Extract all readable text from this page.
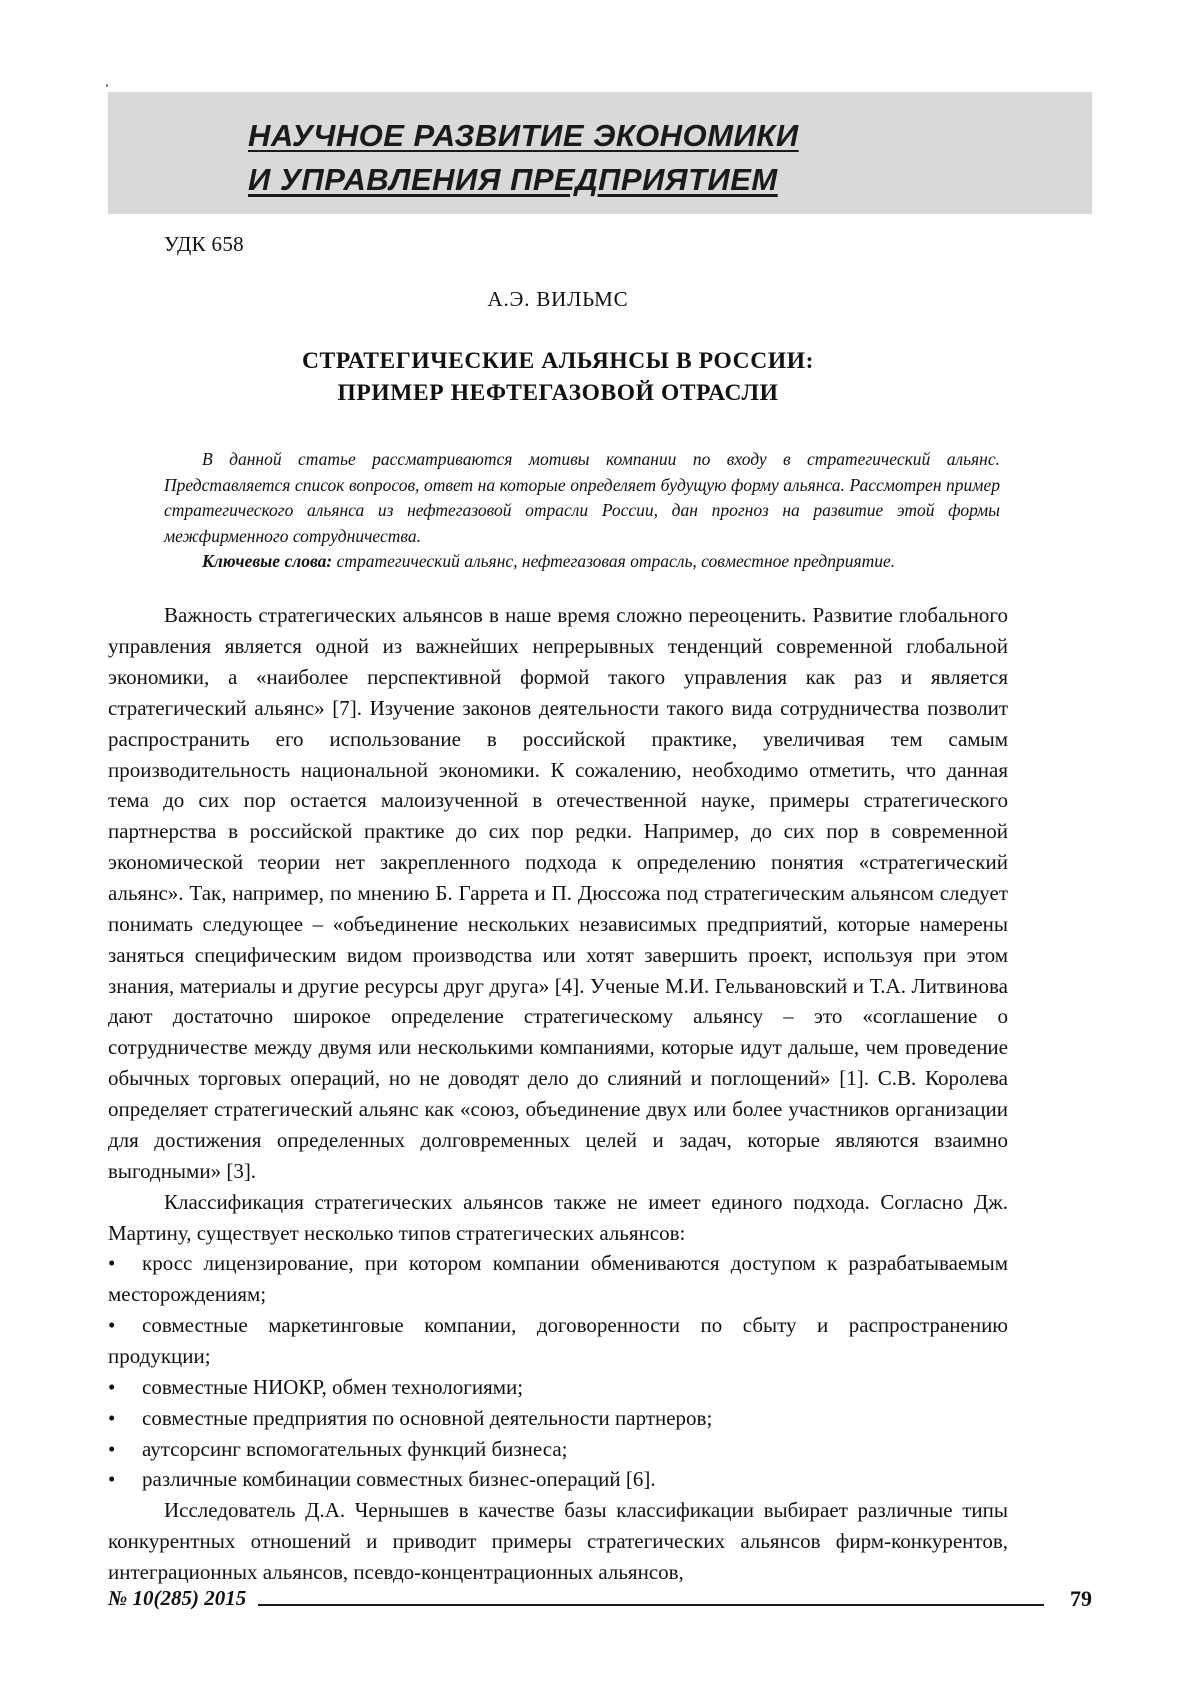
НАУЧНОЕ РАЗВИТИЕ ЭКОНОМИКИ
И УПРАВЛЕНИЯ ПРЕДПРИЯТИЕМ
УДК 658
А.Э. ВИЛЬМС
СТРАТЕГИЧЕСКИЕ АЛЬЯНСЫ В РОССИИ:
ПРИМЕР НЕФТЕГАЗОВОЙ ОТРАСЛИ

В данной статье рассматриваются мотивы компании по входу в стратегический альянс. Представляется список вопросов, ответ на которые определяет будущую форму альянса. Рассмотрен пример стратегического альянса из нефтегазовой отрасли России, дан прогноз на развитие этой формы межфирменного сотрудничества.

Ключевые слова: стратегический альянс, нефтегазовая отрасль, совместное предприятие.

Важность стратегических альянсов в наше время сложно переоценить. Развитие глобального управления является одной из важнейших непрерывных тенденций современной глобальной экономики, а «наиболее перспективной формой такого управления как раз и является стратегический альянс» [7]. Изучение законов деятельности такого вида сотрудничества позволит распространить его использование в российской практике, увеличивая тем самым производительность национальной экономики. К сожалению, необходимо отметить, что данная тема до сих пор остается малоизученной в отечественной науке, примеры стратегического партнерства в российской практике до сих пор редки. Например, до сих пор в современной экономической теории нет закрепленного подхода к определению понятия «стратегический альянс». Так, например, по мнению Б. Гаррета и П. Дюссожа под стратегическим альянсом следует понимать следующее – «объединение нескольких независимых предприятий, которые намерены заняться специфическим видом производства или хотят завершить проект, используя при этом знания, материалы и другие ресурсы друг друга» [4]. Ученые М.И. Гельвановский и Т.А. Литвинова дают достаточно широкое определение стратегическому альянсу – это «соглашение о сотрудничестве между двумя или несколькими компаниями, которые идут дальше, чем проведение обычных торговых операций, но не доводят дело до слияний и поглощений» [1]. С.В. Королева определяет стратегический альянс как «союз, объединение двух или более участников организации для достижения определенных долговременных целей и задач, которые являются взаимно выгодными» [3].

Классификация стратегических альянсов также не имеет единого подхода. Согласно Дж. Мартину, существует несколько типов стратегических альянсов:

• кросс лицензирование, при котором компании обмениваются доступом к разрабатываемым месторождениям;
• совместные маркетинговые компании, договоренности по сбыту и распространению продукции;
• совместные НИОКР, обмен технологиями;
• совместные предприятия по основной деятельности партнеров;
• аутсорсинг вспомогательных функций бизнеса;
• различные комбинации совместных бизнес-операций [6].

Исследователь Д.А. Чернышев в качестве базы классификации выбирает различные типы конкурентных отношений и приводит примеры стратегических альянсов фирм-конкурентов, интеграционных альянсов, псевдо-концентрационных альянсов,

№ 10(285) 2015	79
